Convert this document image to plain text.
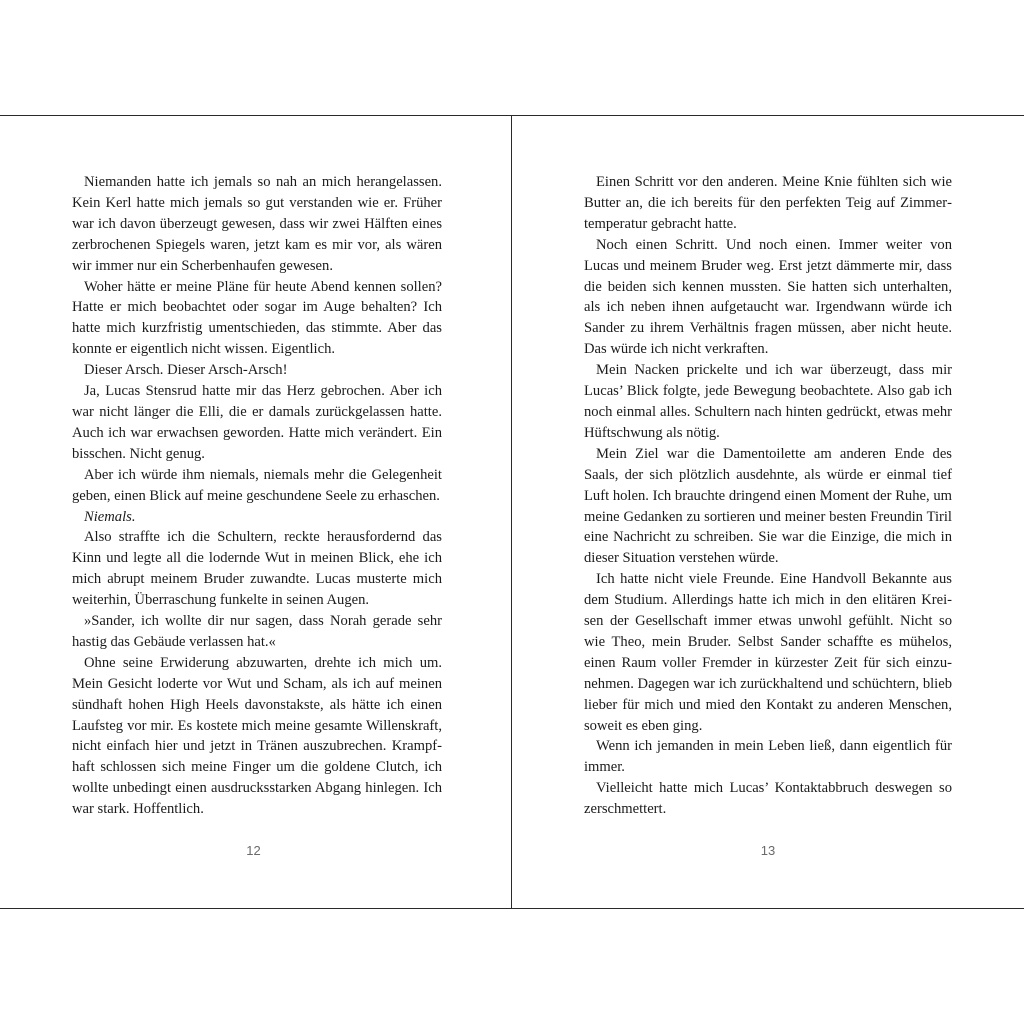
Niemanden hatte ich jemals so nah an mich herangelassen. Kein Kerl hatte mich jemals so gut verstanden wie er. Früher war ich davon überzeugt gewesen, dass wir zwei Hälften eines zerbrochenen Spiegels waren, jetzt kam es mir vor, als wären wir immer nur ein Scherbenhaufen gewesen.

Woher hätte er meine Pläne für heute Abend kennen sollen? Hatte er mich beobachtet oder sogar im Auge behalten? Ich hatte mich kurzfristig umentschieden, das stimmte. Aber das konnte er eigentlich nicht wissen. Eigentlich.

Dieser Arsch. Dieser Arsch-Arsch!

Ja, Lucas Stensrud hatte mir das Herz gebrochen. Aber ich war nicht länger die Elli, die er damals zurückgelassen hatte. Auch ich war erwachsen geworden. Hatte mich verändert. Ein bisschen. Nicht genug.

Aber ich würde ihm niemals, niemals mehr die Gelegenheit geben, einen Blick auf meine geschundene Seele zu erhaschen.

Niemals.

Also straffte ich die Schultern, reckte herausfordernd das Kinn und legte all die lodernde Wut in meinen Blick, ehe ich mich abrupt meinem Bruder zuwandte. Lucas musterte mich weiterhin, Überraschung funkelte in seinen Augen.

»Sander, ich wollte dir nur sagen, dass Norah gerade sehr hastig das Gebäude verlassen hat.«

Ohne seine Erwiderung abzuwarten, drehte ich mich um. Mein Gesicht loderte vor Wut und Scham, als ich auf meinen sündhaft hohen High Heels davonstakste, als hätte ich einen Laufsteg vor mir. Es kostete mich meine gesamte Willenskraft, nicht einfach hier und jetzt in Tränen auszubrechen. Krampfhaft schlossen sich meine Finger um die goldene Clutch, ich wollte unbedingt einen ausdrucksstarken Abgang hinlegen. Ich war stark. Hoffentlich.

12

Einen Schritt vor den anderen. Meine Knie fühlten sich wie Butter an, die ich bereits für den perfekten Teig auf Zimmertemperatur gebracht hatte.

Noch einen Schritt. Und noch einen. Immer weiter von Lucas und meinem Bruder weg. Erst jetzt dämmerte mir, dass die beiden sich kennen mussten. Sie hatten sich unterhalten, als ich neben ihnen aufgetaucht war. Irgendwann würde ich Sander zu ihrem Verhältnis fragen müssen, aber nicht heute. Das würde ich nicht verkraften.

Mein Nacken prickelte und ich war überzeugt, dass mir Lucas’ Blick folgte, jede Bewegung beobachtete. Also gab ich noch einmal alles. Schultern nach hinten gedrückt, etwas mehr Hüftschwung als nötig.

Mein Ziel war die Damentoilette am anderen Ende des Saals, der sich plötzlich ausdehnte, als würde er einmal tief Luft holen. Ich brauchte dringend einen Moment der Ruhe, um meine Gedanken zu sortieren und meiner besten Freundin Tiril eine Nachricht zu schreiben. Sie war die Einzige, die mich in dieser Situation verstehen würde.

Ich hatte nicht viele Freunde. Eine Handvoll Bekannte aus dem Studium. Allerdings hatte ich mich in den elitären Kreisen der Gesellschaft immer etwas unwohl gefühlt. Nicht so wie Theo, mein Bruder. Selbst Sander schaffte es mühelos, einen Raum voller Fremder in kürzester Zeit für sich einzunehmen. Dagegen war ich zurückhaltend und schüchtern, blieb lieber für mich und mied den Kontakt zu anderen Menschen, soweit es eben ging.

Wenn ich jemanden in mein Leben ließ, dann eigentlich für immer.

Vielleicht hatte mich Lucas’ Kontaktabbruch deswegen so zerschmettert.

13
